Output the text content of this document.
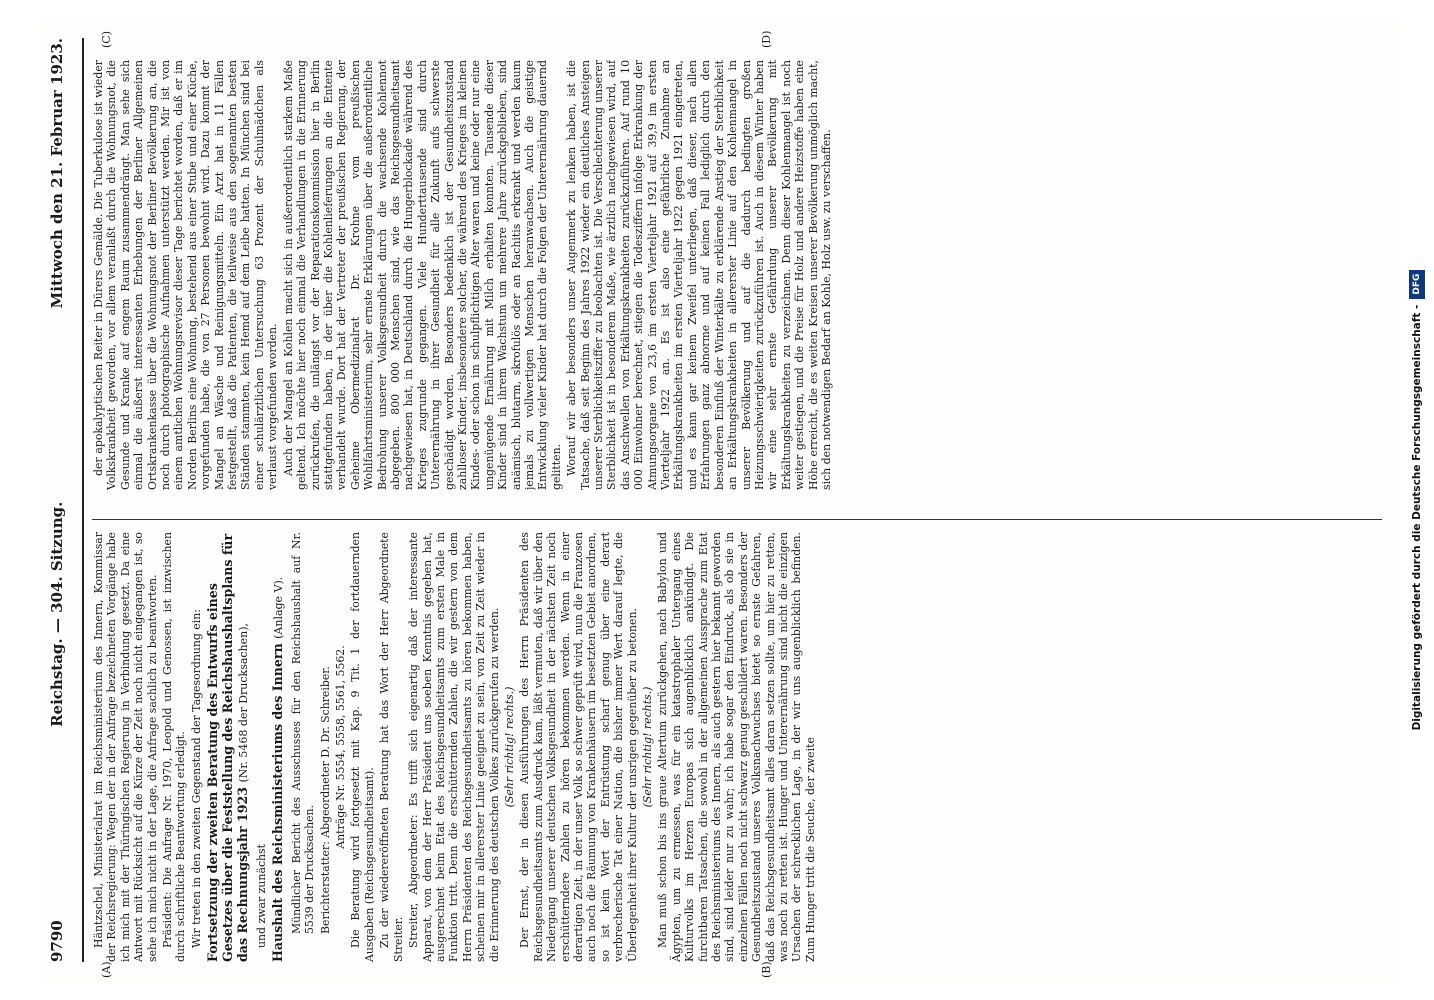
9790
Reichstag. — 304. Sitzung.
Mittwoch den 21. Februar 1923.
(A)	(B)
(C)	(D)

Häntzschel, Ministerialrat im Reichsministerium des Innern, Kommissar der Reichsregierung: Wegen der in der Anfrage bezeichneten Vorgänge habe ich mich mit der Thüringischen Regierung in Verbindung gesetzt. Da eine Antwort mit Rücksicht auf die Kürze der Zeit noch nicht eingegangen ist, so sehe ich mich nicht in der Lage, die Anfrage sachlich zu beantworten. Präsident: Die Anfrage Nr. 1970, Leopold und Genossen, ist inzwischen durch schriftliche Beantwortung erledigt. Wir treten in den zweiten Gegenstand der Tagesordnung ein: Fortsetzung der zweiten Beratung des Entwurfs eines Gesetzes über die Feststellung des Reichshaushaltsplans für das Rechnungsjahr 1923 (Nr. 5468 der Drucksachen),

und zwar zunächst Haushalt des Reichsministeriums des Innern (Anlage V). Mündlicher Bericht des Ausschusses für den Reichshaushalt auf Nr. 5539 der Drucksachen. Berichterstatter: Abgeordneter D. Dr. Schreiber. Anträge Nr. 5554, 5558, 5561, 5562. Die Beratung wird fortgesetzt mit Kap. 9 Tit. 1 der fortdauernden Ausgaben (Reichsgesundheitsamt). Zu der wiedereröffneten Beratung hat das Wort der Herr Abgeordnete Streiter. Streiter, Abgeordneter: Es trifft sich eigenartig daß der interessante Apparat, von dem der Herr Präsident uns soeben Kenntnis gegeben hat, ausgerechnet beim Etat des Reichsgesundheitsamts zum ersten Male in Funktion tritt. Denn die erschütternden Zahlen, die wir gestern von dem Herrn Präsidenten des Reichsgesundheitsamts zu hören bekommen haben, scheinen mir in allererster Linie geeignet zu sein, von Zeit zu Zeit wieder in die Erinnerung des deutschen Volkes zurückgerufen zu werden. (Sehr richtig! rechts.) Der Ernst, der in diesen Ausführungen des Herrn Präsidenten des Reichsgesundheitsamts zum Ausdruck kam, läßt vermuten, daß wir über den Niedergang unserer deutschen Volksgesundheit in der nächsten Zeit noch erschütterndere Zahlen zu hören bekommen werden. Wenn in einer derartigen Zeit, in der unser Volk so schwer geprüft wird, nun die Franzosen auch noch die Räumung von Krankenhäusern im besetzten Gebiet anordnen, so ist kein Wort der Entrüstung scharf genug über eine derart verbrecherische Tat einer Nation, die bisher immer Wert darauf legte, die Überlegenheit ihrer Kultur der unsrigen gegenüber zu betonen. (Sehr richtig! rechts.) Man muß schon bis ins graue Altertum zurückgehen, nach Babylon und Ägypten, um zu ermessen, was für ein katastrophaler Untergang eines Kulturvolks im Herzen Europas sich augenblicklich ankündigt. Die furchtbaren Tatsachen, die sowohl in der allgemeinen Aussprache zum Etat des Reichsministeriums des Innern, als auch gestern hier bekannt geworden sind, sind leider nur zu wahr; ich habe sogar den Eindruck, als ob sie in einzelnen Fällen noch nicht schwarz genug geschildert waren. Besonders der Gesundheitszustand unseres Volksnachwuchses bietet so ernste Gefahren, daß das Reichsgesundheitsamt alles daran setzen sollte, um hier zu retten, was noch zu retten ist. Hunger und Unterernährung sind nicht die einzigen Ursachen der schrecklichen Lage, in der wir uns augenblicklich befinden. Zum Hunger tritt die Seuche, der zweite

der apokalyptischen Reiter in Dürers Gemälde. Die Tuberkulose ist wieder Volkskrankheit geworden, vor allem veranlaßt durch die Wohnungsnot, die Gesunde und Kranke auf engem Raum zusammendrängt. Man sehe sich einmal die äußerst interessanten Erhebungen der Berliner Allgemeinen Ortskrankenkasse über die Wohnungsnot der Berliner Bevölkerung an, die noch durch photographische Aufnahmen unterstützt werden. Mir ist von einem amtlichen Wohnungsrevisor dieser Tage berichtet worden, daß er im Norden Berlins eine Wohnung, bestehend aus einer Stube und einer Küche, vorgefunden habe, die von 27 Personen bewohnt wird. Dazu kommt der Mangel an Wäsche und Reinigungsmitteln. Ein Arzt hat in 11 Fällen festgestellt, daß die Patienten, die teilweise aus den sogenannten besten Ständen stammten, kein Hemd auf dem Leibe hatten. In München sind bei einer schulärztlichen Untersuchung 63 Prozent der Schulmädchen als verlaust vorgefunden worden. Auch der Mangel an Kohlen macht sich in außerordentlich starkem Maße geltend. Ich möchte hier noch einmal die Verhandlungen in die Erinnerung zurückrufen, die unlängst vor der Reparationskommission hier in Berlin stattgefunden haben, in der über die Kohlenlieferungen an die Entente verhandelt wurde. Dort hat der Vertreter der preußischen Regierung, der Geheime Obermedizinalrat Dr. Krohne vom preußischen Wohlfahrtsministerium, sehr ernste Erklärungen über die außerordentliche Bedrohung unserer Volksgesundheit durch die wachsende Kohlennot abgegeben. 800 000 Menschen sind, wie das Reichsgesundheitsamt nachgewiesen hat, in Deutschland durch die Hungerblockade während des Krieges zugrunde gegangen. Viele Hunderttausende sind durch Unterernährung in ihrer Gesundheit für alle Zukunft aufs schwerste geschädigt worden. Besonders bedenklich ist der Gesundheitszustand zahlloser Kinder, insbesondere solcher, die während des Krieges im kleinen Kindes- oder schon im schulpflichtigen Alter waren und keine oder nur eine ungenügende Ernährung mit Milch erhalten konnten. Tausende dieser Kinder sind in ihrem Wachstum um mehrere Jahre zurückgeblieben, sind anämisch, blutarm, skrofulös oder an Rachitis erkrankt und werden kaum jemals zu vollwertigen Menschen heranwachsen. Auch die geistige Entwicklung vieler Kinder hat durch die Folgen der Unterernährung dauernd gelitten. Worauf wir aber besonders unser Augenmerk zu lenken haben, ist die Tatsache, daß seit Beginn des Jahres 1922 wieder ein deutliches Ansteigen unserer Sterblichkeitsziffer zu beobachten ist. Die Verschlechterung unserer Sterblichkeit ist in besonderem Maße, wie ärztlich nachgewiesen wird, auf das Anschwellen von Erkältungskrankheiten zurückzuführen. Auf rund 10 000 Einwohner berechnet, stiegen die Todesziffern infolge Erkrankung der Atmungsorgane von 23,6 im ersten Vierteljahr 1921 auf 39,9 im ersten Vierteljahr 1922 an. Es ist also eine gefährliche Zunahme an Erkältungskrankheiten im ersten Vierteljahr 1922 gegen 1921 eingetreten, und es kann gar keinem Zweifel unterliegen, daß dieser, nach allen Erfahrungen ganz abnorme und auf keinen Fall lediglich durch den besonderen Einfluß der Winterkälte zu erklärende Anstieg der Sterblichkeit an Erkältungskrankheiten in allererster Linie auf den Kohlenmangel in unserer Bevölkerung und auf die dadurch bedingten großen Heizungsschwierigkeiten zurückzuführen ist. Auch in diesem Winter haben wir eine sehr ernste Gefährdung unserer Bevölkerung mit Erkältungskrankheiten zu verzeichnen. Denn dieser Kohlenmangel ist noch weiter gestiegen, und die Preise für Holz und andere Heizstoffe haben eine Höhe erreicht, die es weiten Kreisen unserer Bevölkerung unmöglich macht, sich den notwendigen Bedarf an Kohle, Holz usw. zu verschaffen.	Digitalisierung gefördert durch die Deutsche Forschungsgemeinschaft -DFG
